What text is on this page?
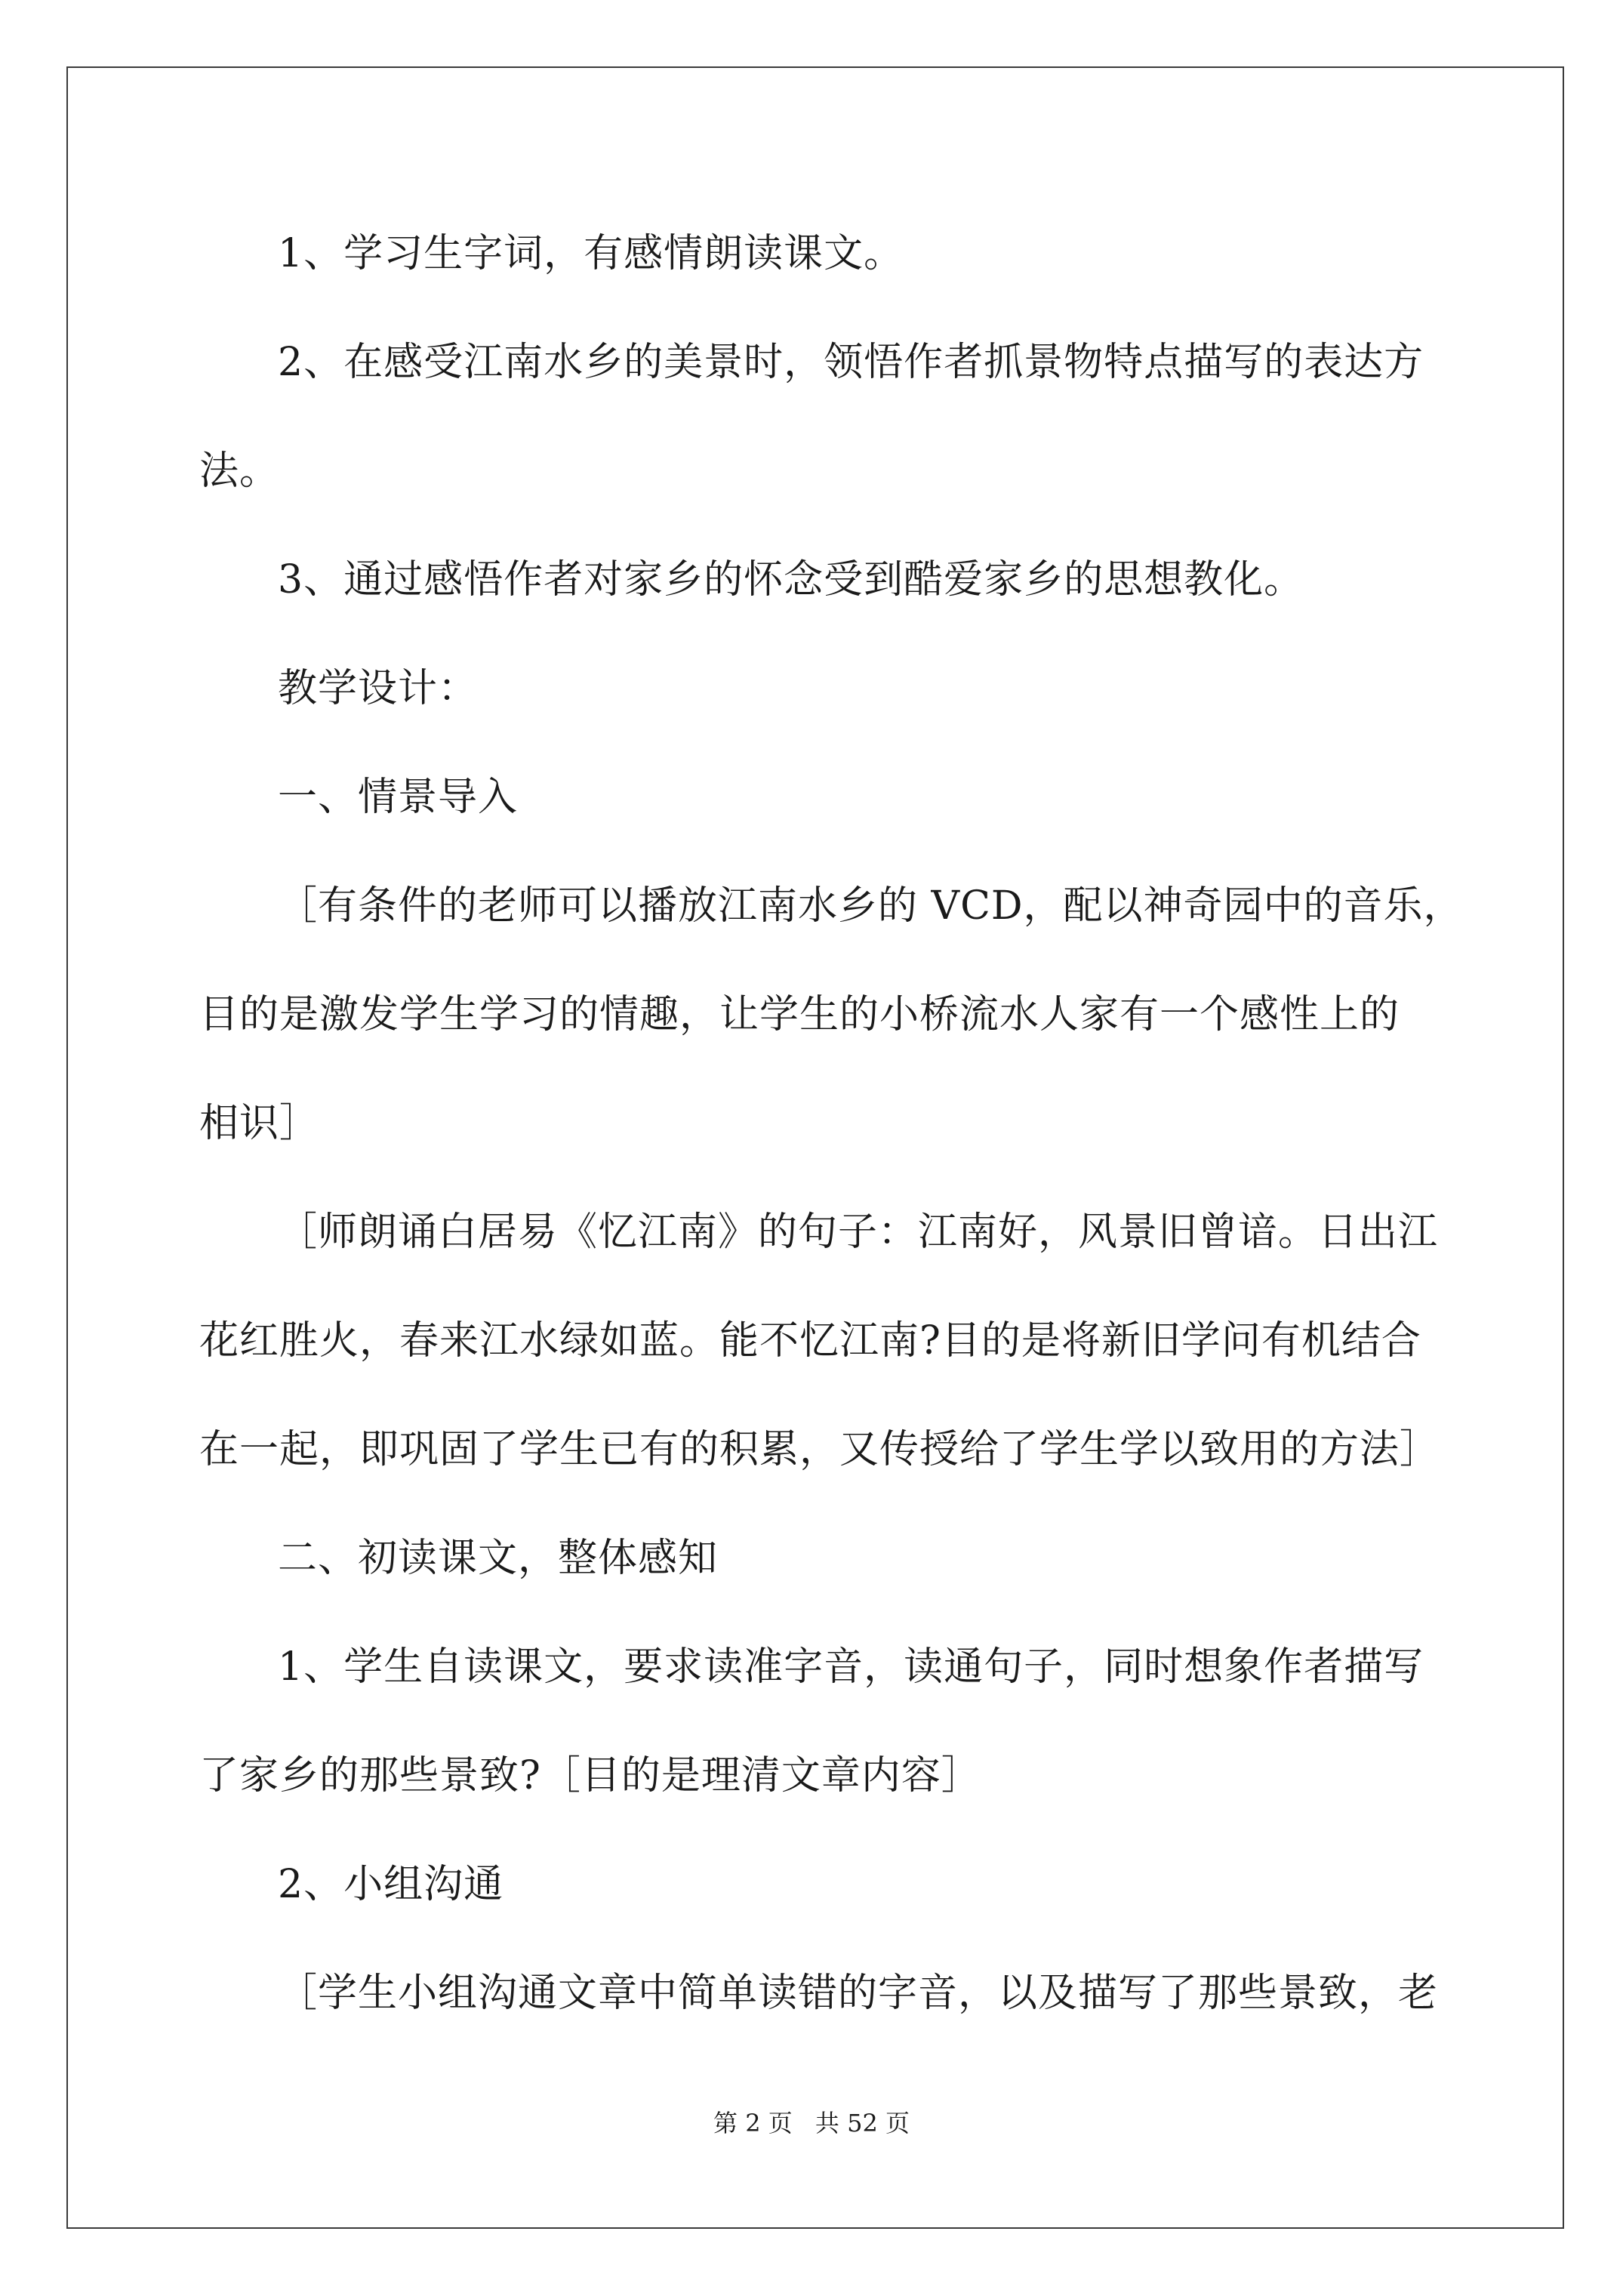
1、学习生字词，有感情朗读课文。
2、在感受江南水乡的美景时，领悟作者抓景物特点描写的表达方
法。
3、通过感悟作者对家乡的怀念受到酷爱家乡的思想教化。
教学设计：
一、情景导入
［有条件的老师可以播放江南水乡的 VCD，配以神奇园中的音乐，
目的是激发学生学习的情趣，让学生的小桥流水人家有一个感性上的
相识］
［师朗诵白居易《忆江南》的句子：江南好，风景旧曾谙。日出江
花红胜火，春来江水绿如蓝。能不忆江南?目的是将新旧学问有机结合
在一起，即巩固了学生已有的积累，又传授给了学生学以致用的方法］
二、初读课文，整体感知
1、学生自读课文，要求读准字音，读通句子，同时想象作者描写
了家乡的那些景致?［目的是理清文章内容］
2、小组沟通
［学生小组沟通文章中简单读错的字音，以及描写了那些景致，老
第 2 页 共 52 页
